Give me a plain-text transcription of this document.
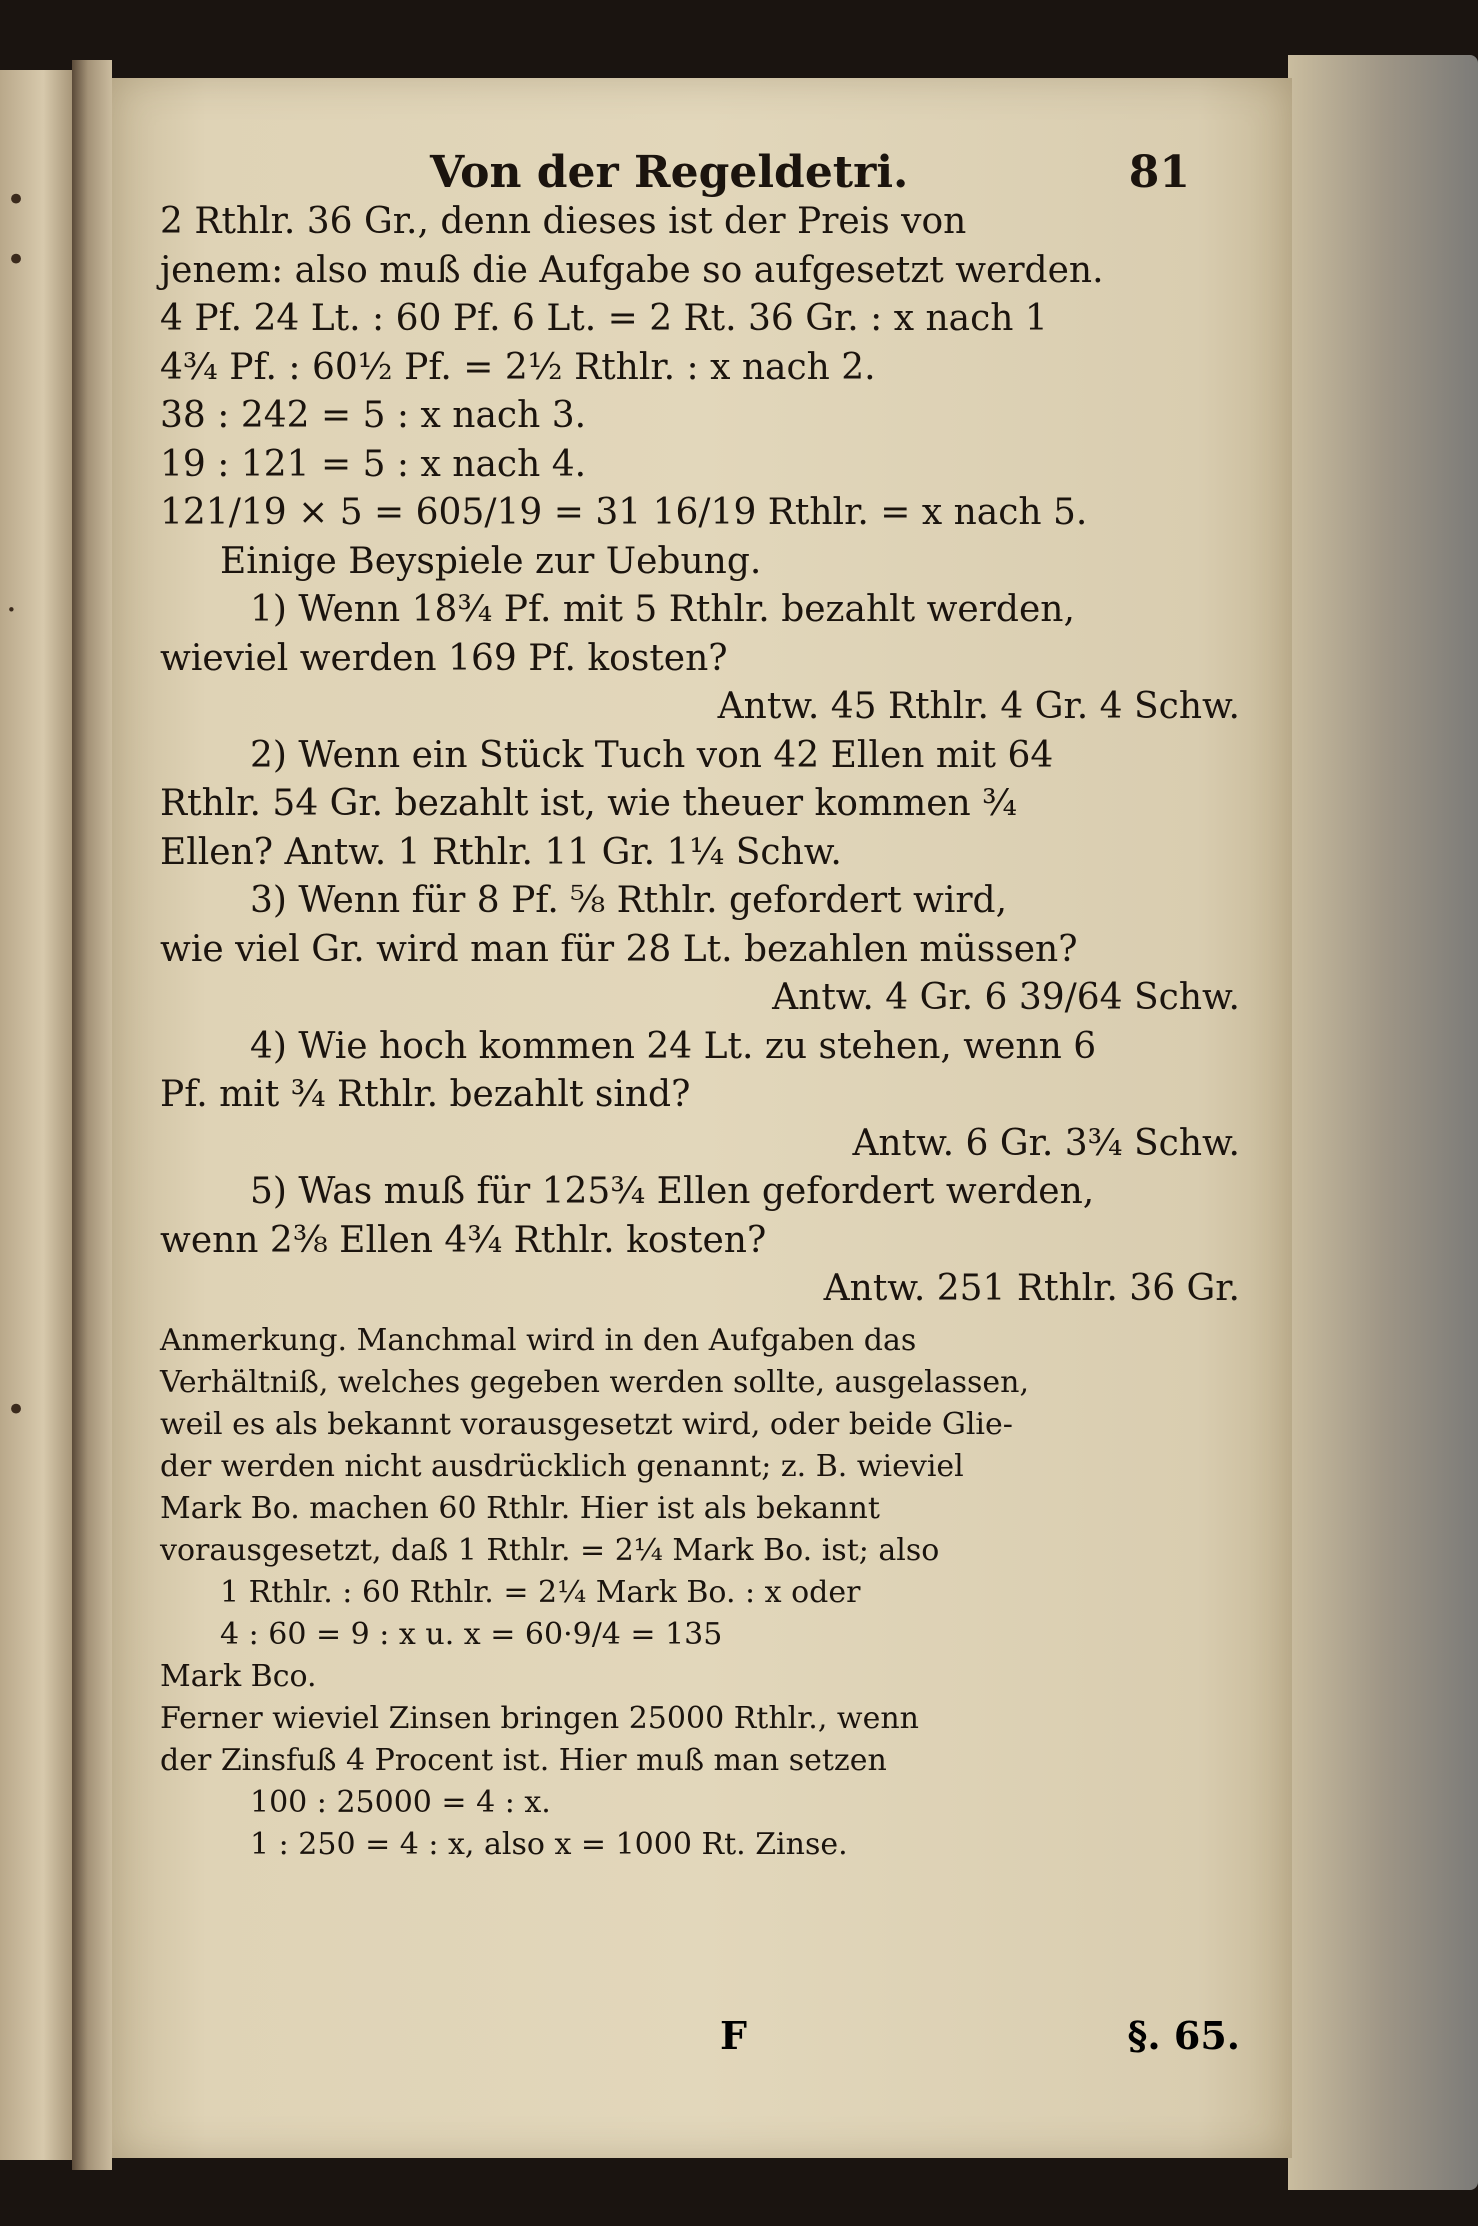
•
•
·
•
Von der Regeldetri.	81
2 Rthlr. 36 Gr., denn dieses ist der Preis von
jenem: also muß die Aufgabe so aufgesetzt werden.
4 Pf. 24 Lt. : 60 Pf. 6 Lt. = 2 Rt. 36 Gr. : x nach 1
4¾ Pf. : 60½ Pf. = 2½ Rthlr. : x nach 2.
38 : 242 = 5 : x nach 3.
19 : 121 = 5 : x nach 4.
121/19 × 5 = 605/19 = 31 16/19 Rthlr. = x nach 5.
Einige Beyspiele zur Uebung.
1) Wenn 18¾ Pf. mit 5 Rthlr. bezahlt werden,
wieviel werden 169 Pf. kosten?
Antw. 45 Rthlr. 4 Gr. 4 Schw.
2) Wenn ein Stück Tuch von 42 Ellen mit 64
Rthlr. 54 Gr. bezahlt ist, wie theuer kommen ¾
Ellen? Antw. 1 Rthlr. 11 Gr. 1¼ Schw.
3) Wenn für 8 Pf. ⅝ Rthlr. gefordert wird,
wie viel Gr. wird man für 28 Lt. bezahlen müssen?
Antw. 4 Gr. 6 39/64 Schw.
4) Wie hoch kommen 24 Lt. zu stehen, wenn 6
Pf. mit ¾ Rthlr. bezahlt sind?
Antw. 6 Gr. 3¾ Schw.
5) Was muß für 125¾ Ellen gefordert werden,
wenn 2⅜ Ellen 4¾ Rthlr. kosten?
Antw. 251 Rthlr. 36 Gr.
Anmerkung. Manchmal wird in den Aufgaben das
Verhältniß, welches gegeben werden sollte, ausgelassen,
weil es als bekannt vorausgesetzt wird, oder beide Glie-
der werden nicht ausdrücklich genannt; z. B. wieviel
Mark Bo. machen 60 Rthlr. Hier ist als bekannt
vorausgesetzt, daß 1 Rthlr. = 2¼ Mark Bo. ist; also
1 Rthlr. : 60 Rthlr. = 2¼ Mark Bo. : x oder
4 : 60 = 9 : x u. x = 60·9/4 = 135
Mark Bco.
Ferner wieviel Zinsen bringen 25000 Rthlr., wenn
der Zinsfuß 4 Procent ist. Hier muß man setzen
100 : 25000 = 4 : x.
1 : 250 = 4 : x, also x = 1000 Rt. Zinse.
F	§. 65.
